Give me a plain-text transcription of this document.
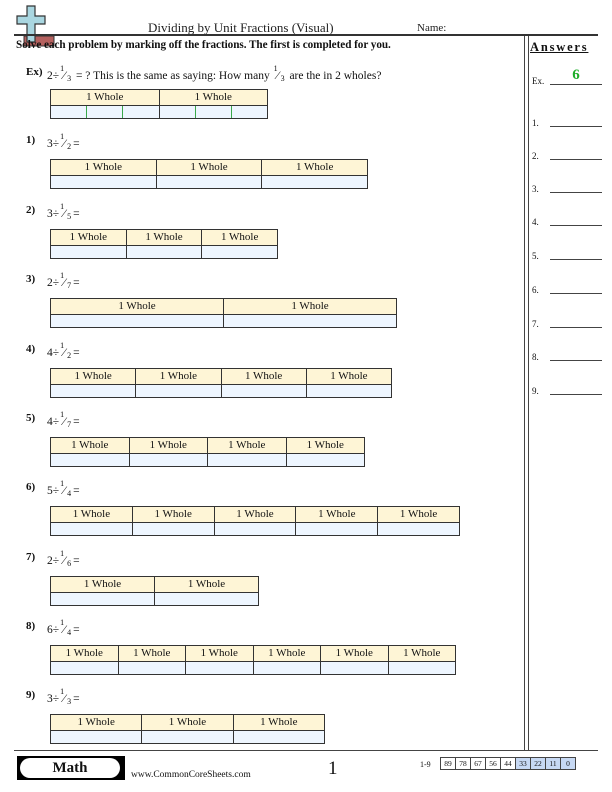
Dividing by Unit Fractions (Visual)	Name:
Solve each problem by marking off the fractions. The first is completed for you.	Answers
Ex.	6
1.
2.
3.
4.
5.
6.
7.
8.
9.
Ex) 2÷
1 ⁄ 3 = ? This is the same as saying: How many
1 ⁄ 3 are the in 2 wholes?
1 Whole	1 Whole
1) 3÷
1 ⁄ 2 =
1 Whole	1 Whole	1 Whole
2) 3÷
1 ⁄ 5 =
1 Whole	1 Whole	1 Whole
3) 2÷
1 ⁄ 7 =
1 Whole	1 Whole
4) 4÷
1 ⁄ 2 =
1 Whole	1 Whole	1 Whole	1 Whole
5) 4÷
1 ⁄ 7 =
1 Whole	1 Whole	1 Whole	1 Whole
6) 5÷
1 ⁄ 4 =
1 Whole	1 Whole	1 Whole	1 Whole	1 Whole
7) 2÷
1 ⁄ 6 =
1 Whole	1 Whole
8) 6÷
1 ⁄ 4 =
1 Whole	1 Whole	1 Whole	1 Whole	1 Whole	1 Whole
9) 3÷
1 ⁄ 3 =
1 Whole	1 Whole	1 Whole
Math	www.CommonCoreSheets.com	1	1-9	89	78	67	56	44	33	22	11	0
